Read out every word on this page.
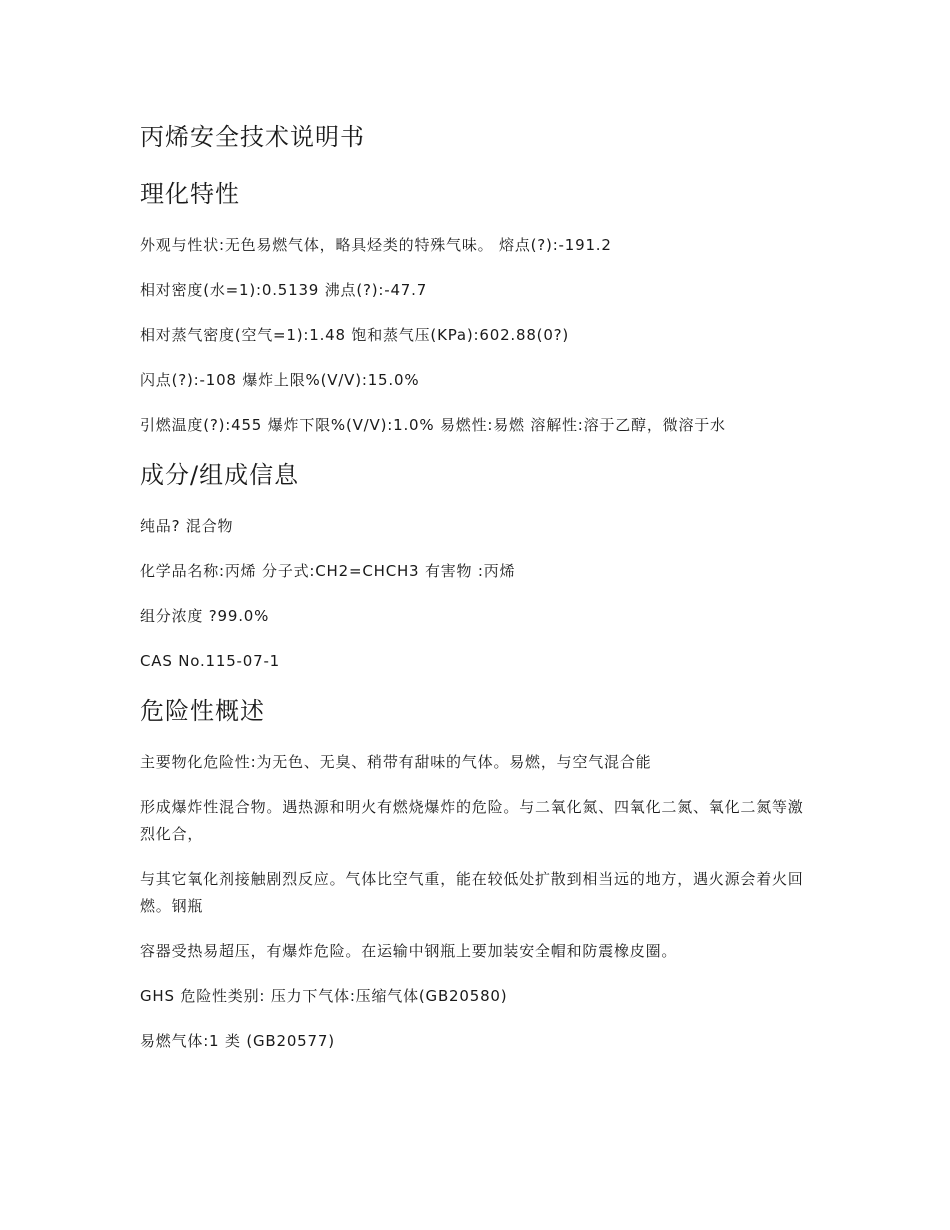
丙烯安全技术说明书
理化特性

外观与性状:无色易燃气体，略具烃类的特殊气味。 熔点(?):-191.2

相对密度(水=1):0.5139 沸点(?):-47.7

相对蒸气密度(空气=1):1.48 饱和蒸气压(KPa):602.88(0?)

闪点(?):-108 爆炸上限%(V/V):15.0%

引燃温度(?):455 爆炸下限%(V/V):1.0% 易燃性:易燃 溶解性:溶于乙醇，微溶于水

成分/组成信息

纯品? 混合物

化学品名称:丙烯 分子式:CH2=CHCH3 有害物 :丙烯

组分浓度 ?99.0%

CAS No.115-07-1

危险性概述

主要物化危险性:为无色、无臭、稍带有甜味的气体。易燃，与空气混合能

形成爆炸性混合物。遇热源和明火有燃烧爆炸的危险。与二氧化氮、四氧化二氮、氧化二氮等激烈化合，

与其它氧化剂接触剧烈反应。气体比空气重，能在较低处扩散到相当远的地方，遇火源会着火回燃。钢瓶

容器受热易超压，有爆炸危险。在运输中钢瓶上要加装安全帽和防震橡皮圈。

GHS 危险性类别: 压力下气体:压缩气体(GB20580)

易燃气体:1 类 (GB20577)
